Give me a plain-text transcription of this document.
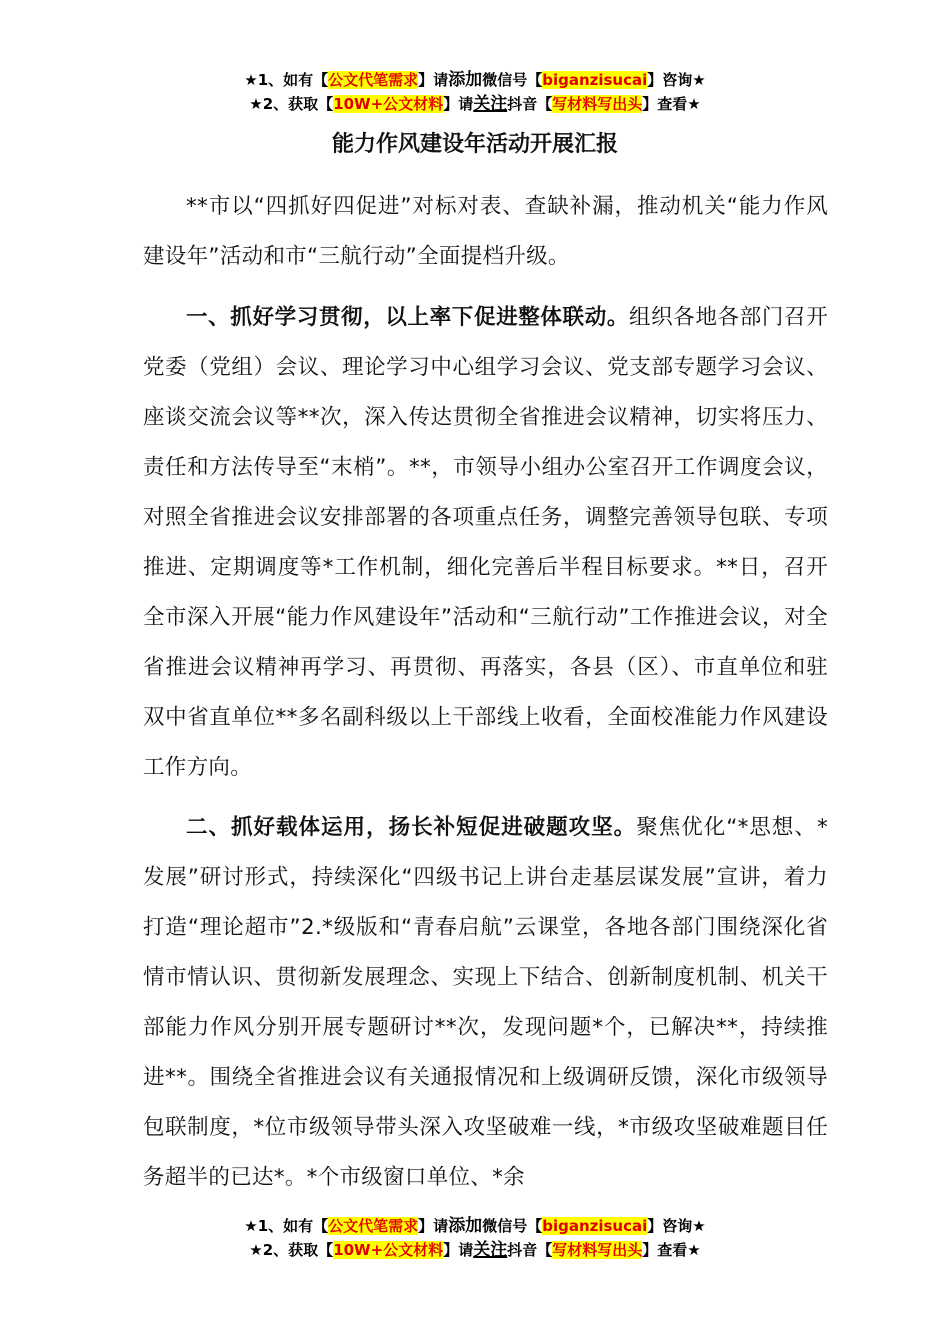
★1、如有【公文代笔需求】请添加微信号【biganzisucai】咨询★
★2、获取【10W+公文材料】请关注抖音【写材料写出头】查看★
能力作风建设年活动开展汇报

**市以“四抓好四促进”对标对表、查缺补漏，推动机关“能力作风建设年”活动和市“三航行动”全面提档升级。

一、抓好学习贯彻，以上率下促进整体联动。组织各地各部门召开党委（党组）会议、理论学习中心组学习会议、党支部专题学习会议、座谈交流会议等**次，深入传达贯彻全省推进会议精神，切实将压力、责任和方法传导至“末梢”。**，市领导小组办公室召开工作调度会议，对照全省推进会议安排部署的各项重点任务，调整完善领导包联、专项推进、定期调度等*工作机制，细化完善后半程目标要求。**日，召开全市深入开展“能力作风建设年”活动和“三航行动”工作推进会议，对全省推进会议精神再学习、再贯彻、再落实，各县（区）、市直单位和驻双中省直单位**多名副科级以上干部线上收看，全面校准能力作风建设工作方向。

二、抓好载体运用，扬长补短促进破题攻坚。聚焦优化“*思想、*发展”研讨形式，持续深化“四级书记上讲台走基层谋发展”宣讲，着力打造“理论超市”2.*级版和“青春启航”云课堂，各地各部门围绕深化省情市情认识、贯彻新发展理念、实现上下结合、创新制度机制、机关干部能力作风分别开展专题研讨**次，发现问题*个，已解决**，持续推进**。围绕全省推进会议有关通报情况和上级调研反馈，深化市级领导包联制度，*位市级领导带头深入攻坚破难一线，*市级攻坚破难题目任务超半的已达*。*个市级窗口单位、*余

★1、如有【公文代笔需求】请添加微信号【biganzisucai】咨询★
★2、获取【10W+公文材料】请关注抖音【写材料写出头】查看★
